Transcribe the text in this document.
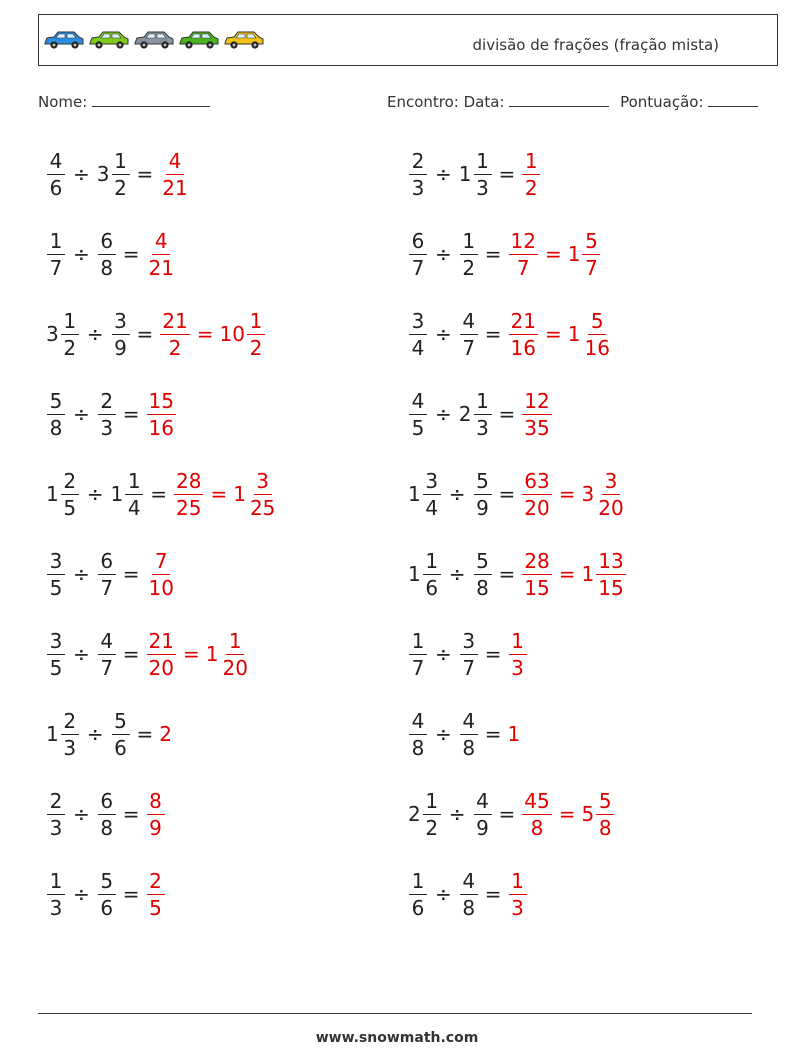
divisão de frações (fração mista)
Nome:	Encontro: Data:	Pontuação:
$\frac{4}{6} \div 3 \frac{1}{2} = \frac{4}{21}$	$\frac{2}{3} \div 1 \frac{1}{3} = \frac{1}{2}$
$\frac{1}{7} \div \frac{6}{8} = \frac{4}{21}$	$\frac{6}{7} \div \frac{1}{2} = \frac{12}{7} = 1 \frac{5}{7}$
$3 \frac{1}{2} \div \frac{3}{9} = \frac{21}{2} = 10 \frac{1}{2}$	$\frac{3}{4} \div \frac{4}{7} = \frac{21}{16} = 1 \frac{5}{16}$
$\frac{5}{8} \div \frac{2}{3} = \frac{15}{16}$	$\frac{4}{5} \div 2 \frac{1}{3} = \frac{12}{35}$
$1 \frac{2}{5} \div 1 \frac{1}{4} = \frac{28}{25} = 1 \frac{3}{25}$	$1 \frac{3}{4} \div \frac{5}{9} = \frac{63}{20} = 3 \frac{3}{20}$
$\frac{3}{5} \div \frac{6}{7} = \frac{7}{10}$	$1 \frac{1}{6} \div \frac{5}{8} = \frac{28}{15} = 1 \frac{13}{15}$
$\frac{3}{5} \div \frac{4}{7} = \frac{21}{20} = 1 \frac{1}{20}$	$\frac{1}{7} \div \frac{3}{7} = \frac{1}{3}$
$1 \frac{2}{3} \div \frac{5}{6} = 2$	$\frac{4}{8} \div \frac{4}{8} = 1$
$\frac{2}{3} \div \frac{6}{8} = \frac{8}{9}$	$2 \frac{1}{2} \div \frac{4}{9} = \frac{45}{8} = 5 \frac{5}{8}$
$\frac{1}{3} \div \frac{5}{6} = \frac{2}{5}$	$\frac{1}{6} \div \frac{4}{8} = \frac{1}{3}$
www.snowmath.com
